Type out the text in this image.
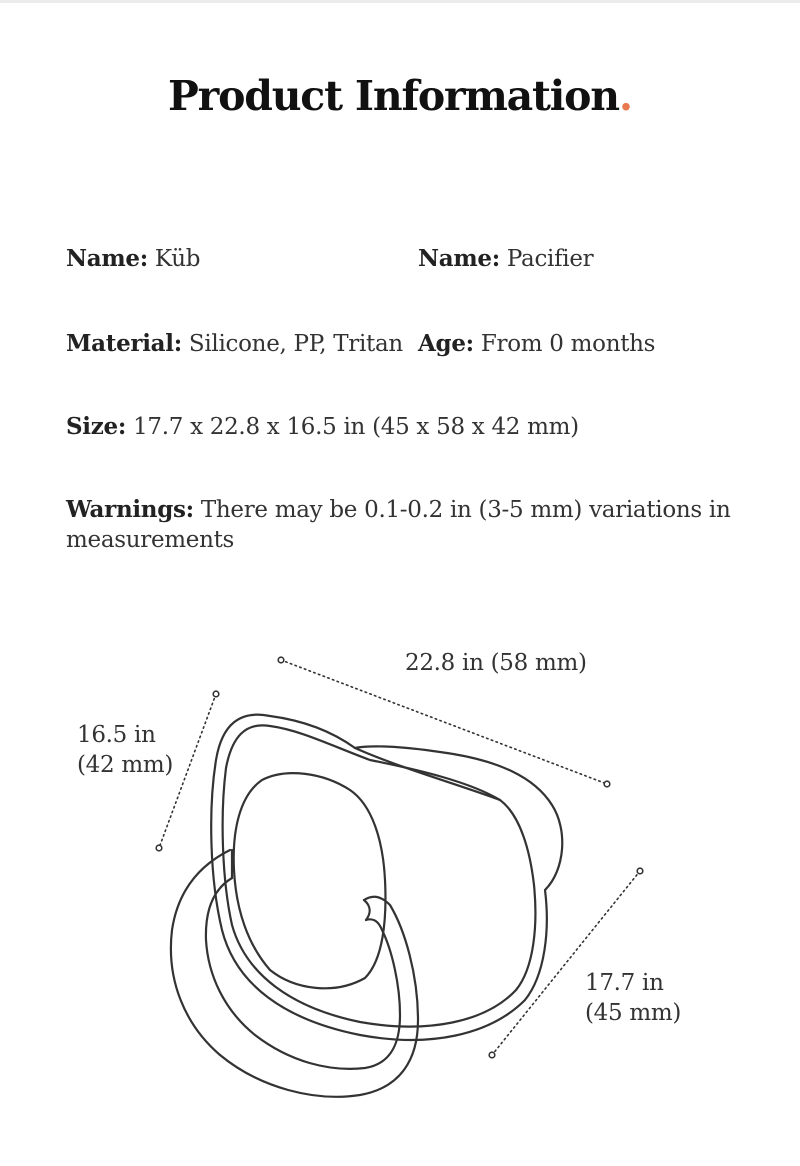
Product Information.
Name: Küb	Name: Pacifier
Material: Silicone, PP, Tritan Age: From 0 months
Size: 17.7 x 22.8 x 16.5 in (45 x 58 x 42 mm)
Warnings: There may be 0.1-0.2 in (3-5 mm) variations in measurements
22.8 in (58 mm)
16.5 in
(42 mm)
17.7 in
(45 mm)
